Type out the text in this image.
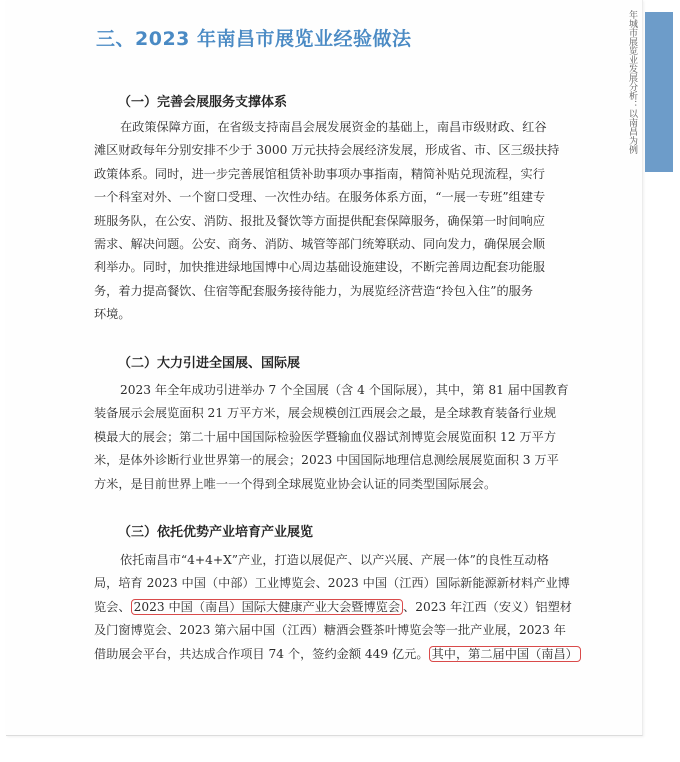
年城市展览业发展分析：以南昌为例
三、2023 年南昌市展览业经验做法
（一）完善会展服务支撑体系
在政策保障方面，在省级支持南昌会展发展资金的基础上，南昌市级财政、红谷
滩区财政每年分别安排不少于 3000 万元扶持会展经济发展，形成省、市、区三级扶持
政策体系。同时，进一步完善展馆租赁补助事项办事指南，精简补贴兑现流程，实行
一个科室对外、一个窗口受理、一次性办结。在服务体系方面，“一展一专班”组建专
班服务队，在公安、消防、报批及餐饮等方面提供配套保障服务，确保第一时间响应
需求、解决问题。公安、商务、消防、城管等部门统筹联动、同向发力，确保展会顺
利举办。同时，加快推进绿地国博中心周边基础设施建设，不断完善周边配套功能服
务，着力提高餐饮、住宿等配套服务接待能力，为展览经济营造“拎包入住”的服务
环境。
（二）大力引进全国展、国际展
2023 年全年成功引进举办 7 个全国展（含 4 个国际展），其中，第 81 届中国教育
装备展示会展览面积 21 万平方米，展会规模创江西展会之最，是全球教育装备行业规
模最大的展会；第二十届中国国际检验医学暨输血仪器试剂博览会展览面积 12 万平方
米，是体外诊断行业世界第一的展会；2023 中国国际地理信息测绘展展览面积 3 万平
方米，是目前世界上唯一一个得到全球展览业协会认证的同类型国际展会。
（三）依托优势产业培育产业展览
依托南昌市“4+4+X”产业，打造以展促产、以产兴展、产展一体”的良性互动格
局，培育 2023 中国（中部）工业博览会、2023 中国（江西）国际新能源新材料产业博
览会、 2023 中国（南昌）国际大健康产业大会暨博览会 、2023 年江西（安义）铝塑材
及门窗博览会、2023 第六届中国（江西）糖酒会暨茶叶博览会等一批产业展，2023 年
借助展会平台，共达成合作项目 74 个，签约金额 449 亿元。 其中，第二届中国（南昌）
